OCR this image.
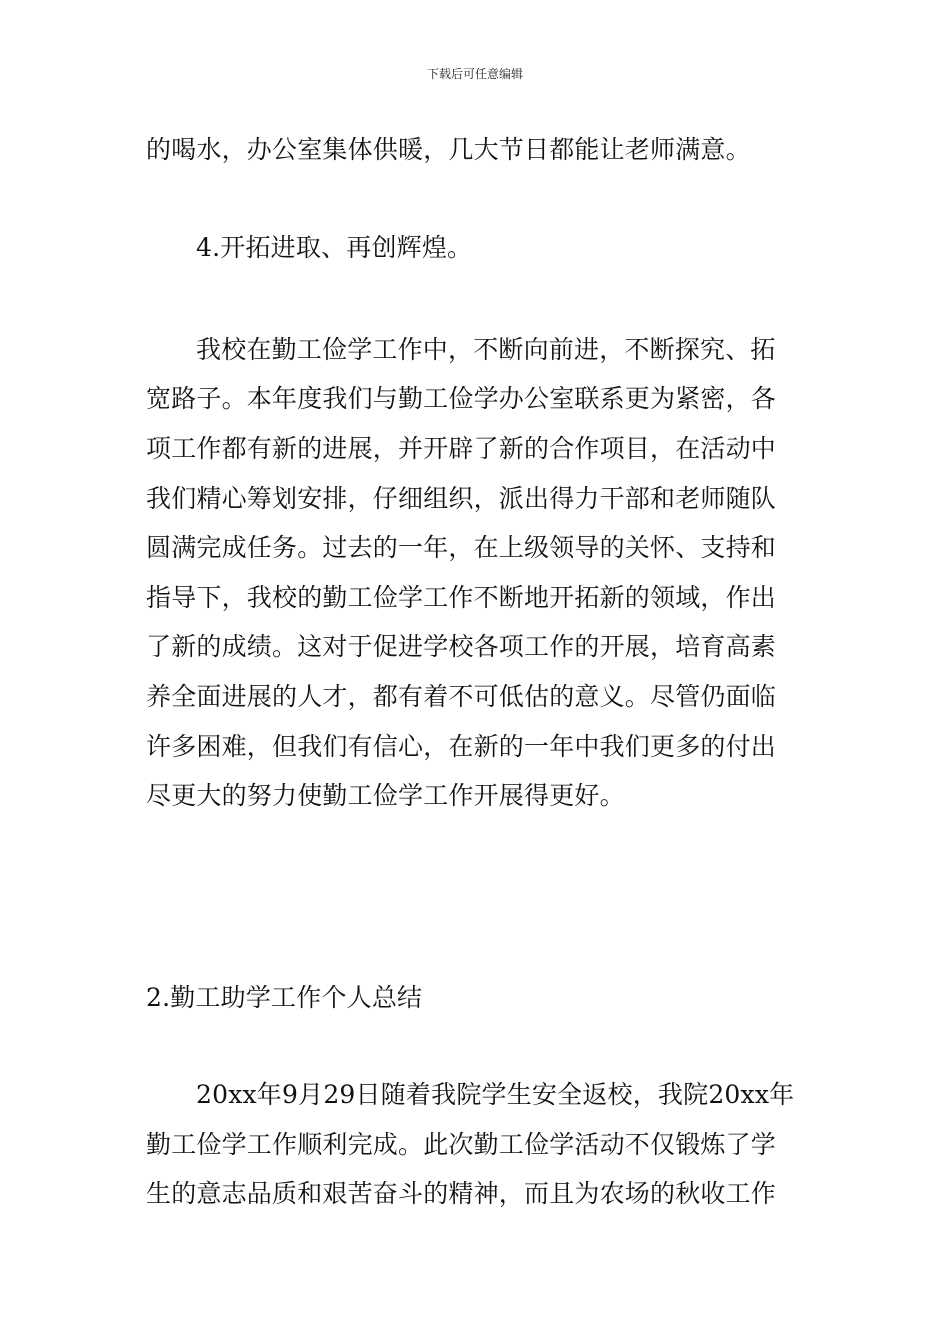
下载后可任意编辑
的喝水，办公室集体供暖，几大节日都能让老师满意。
4.开拓进取、再创辉煌。
我校在勤工俭学工作中，不断向前进，不断探究、拓
宽路子。本年度我们与勤工俭学办公室联系更为紧密，各
项工作都有新的进展，并开辟了新的合作项目，在活动中
我们精心筹划安排，仔细组织，派出得力干部和老师随队
圆满完成任务。过去的一年，在上级领导的关怀、支持和
指导下，我校的勤工俭学工作不断地开拓新的领域，作出
了新的成绩。这对于促进学校各项工作的开展，培育高素
养全面进展的人才，都有着不可低估的意义。尽管仍面临
许多困难，但我们有信心，在新的一年中我们更多的付出
尽更大的努力使勤工俭学工作开展得更好。
2.勤工助学工作个人总结
20xx年9月29日随着我院学生安全返校，我院20xx年
勤工俭学工作顺利完成。此次勤工俭学活动不仅锻炼了学
生的意志品质和艰苦奋斗的精神，而且为农场的秋收工作
